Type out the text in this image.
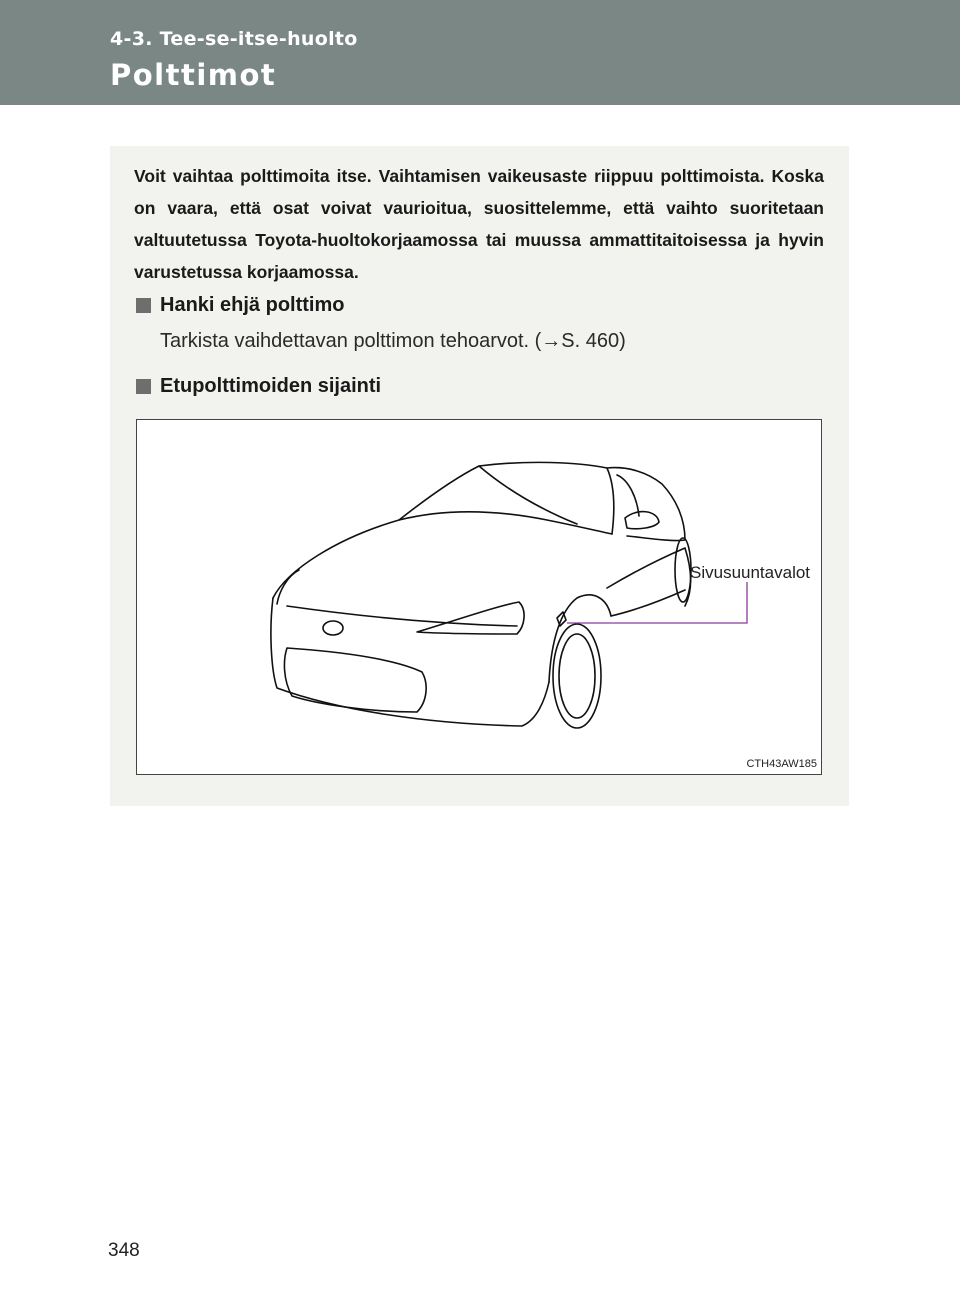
4-3. Tee-se-itse-huolto
Polttimot

Voit vaihtaa polttimoita itse. Vaihtamisen vaikeusaste riippuu polttimoista. Koska on vaara, että osat voivat vaurioitua, suosittelemme, että vaihto suoritetaan valtuutetussa Toyota-huoltokorjaamossa tai muussa ammattitaitoisessa ja hyvin varustetussa korjaamossa.

Hanki ehjä polttimo
Tarkista vaihdettavan polttimon tehoarvot. (→S. 460)
Etupolttimoiden sijainti
Sivusuuntavalot
CTH43AW185
348
